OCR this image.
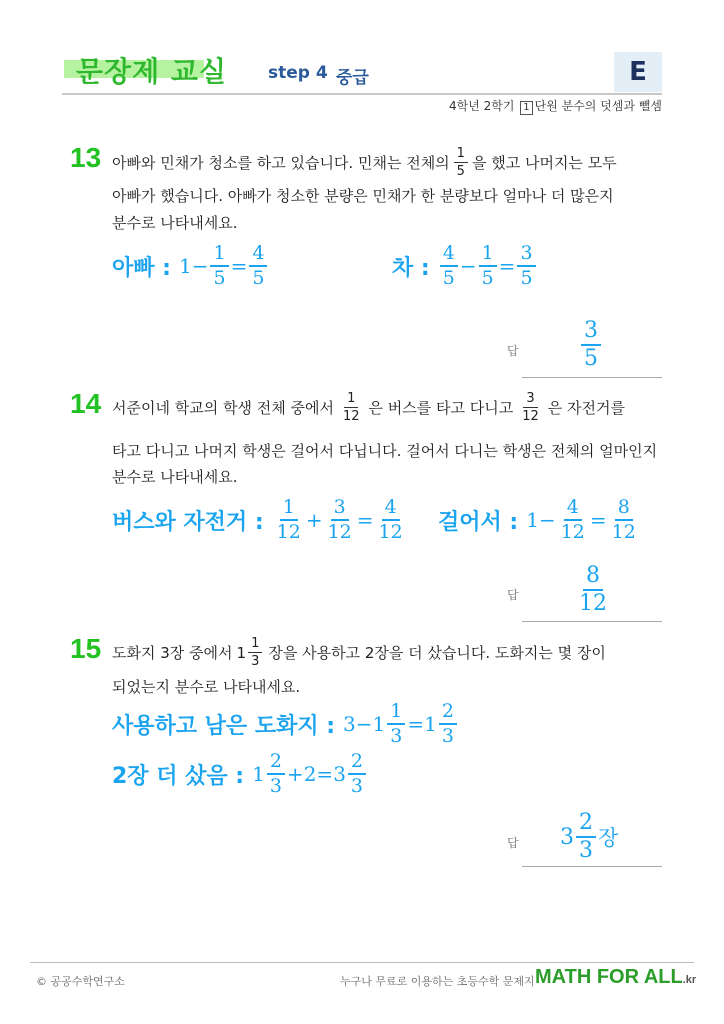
문장제 교실 step 4 중급	E
4학년 2학기 1 단원 분수의 덧셈과 뺄셈
13 아빠와 민채가 청소를 하고 있습니다. 민채는 전체의 $\frac{1}{5}$ 을 했고 나머지는 모두
아빠가 했습니다. 아빠가 청소한 분량은 민채가 한 분량보다 얼마나 더 많은지
분수로 나타내세요.
아빠 : $1 - \frac{1}{5} = \frac{4}{5}$	차 : $\frac{4}{5} - \frac{1}{5} = \frac{3}{5}$
답	$\frac{3}{5}$
14 서준이네 학교의 학생 전체 중에서 $\frac{1}{12}$ 은 버스를 타고 다니고 $\frac{3}{12}$ 은 자전거를
타고 다니고 나머지 학생은 걸어서 다닙니다. 걸어서 다니는 학생은 전체의 얼마인지
분수로 나타내세요.
버스와 자전거 : $\frac{1}{12} + \frac{3}{12} = \frac{4}{12}$ 걸어서 : $1 - \frac{4}{12} = \frac{8}{12}$
답	$\frac{8}{12}$
15 도화지 3장 중에서 $1 \frac{1}{3}$ 장을 사용하고 2장을 더 샀습니다. 도화지는 몇 장이
되었는지 분수로 나타내세요.
사용하고 남은 도화지 : $3 - 1 \frac{1}{3} = 1 \frac{2}{3}$
2장 더 샀음 : $1 \frac{2}{3} + 2 = 3 \frac{2}{3}$
답 $3 \frac{2}{3}$ 장
© 공공수학연구소	누구나 무료로 이용하는 초등수학 문제지 MATH FOR ALL.kr
